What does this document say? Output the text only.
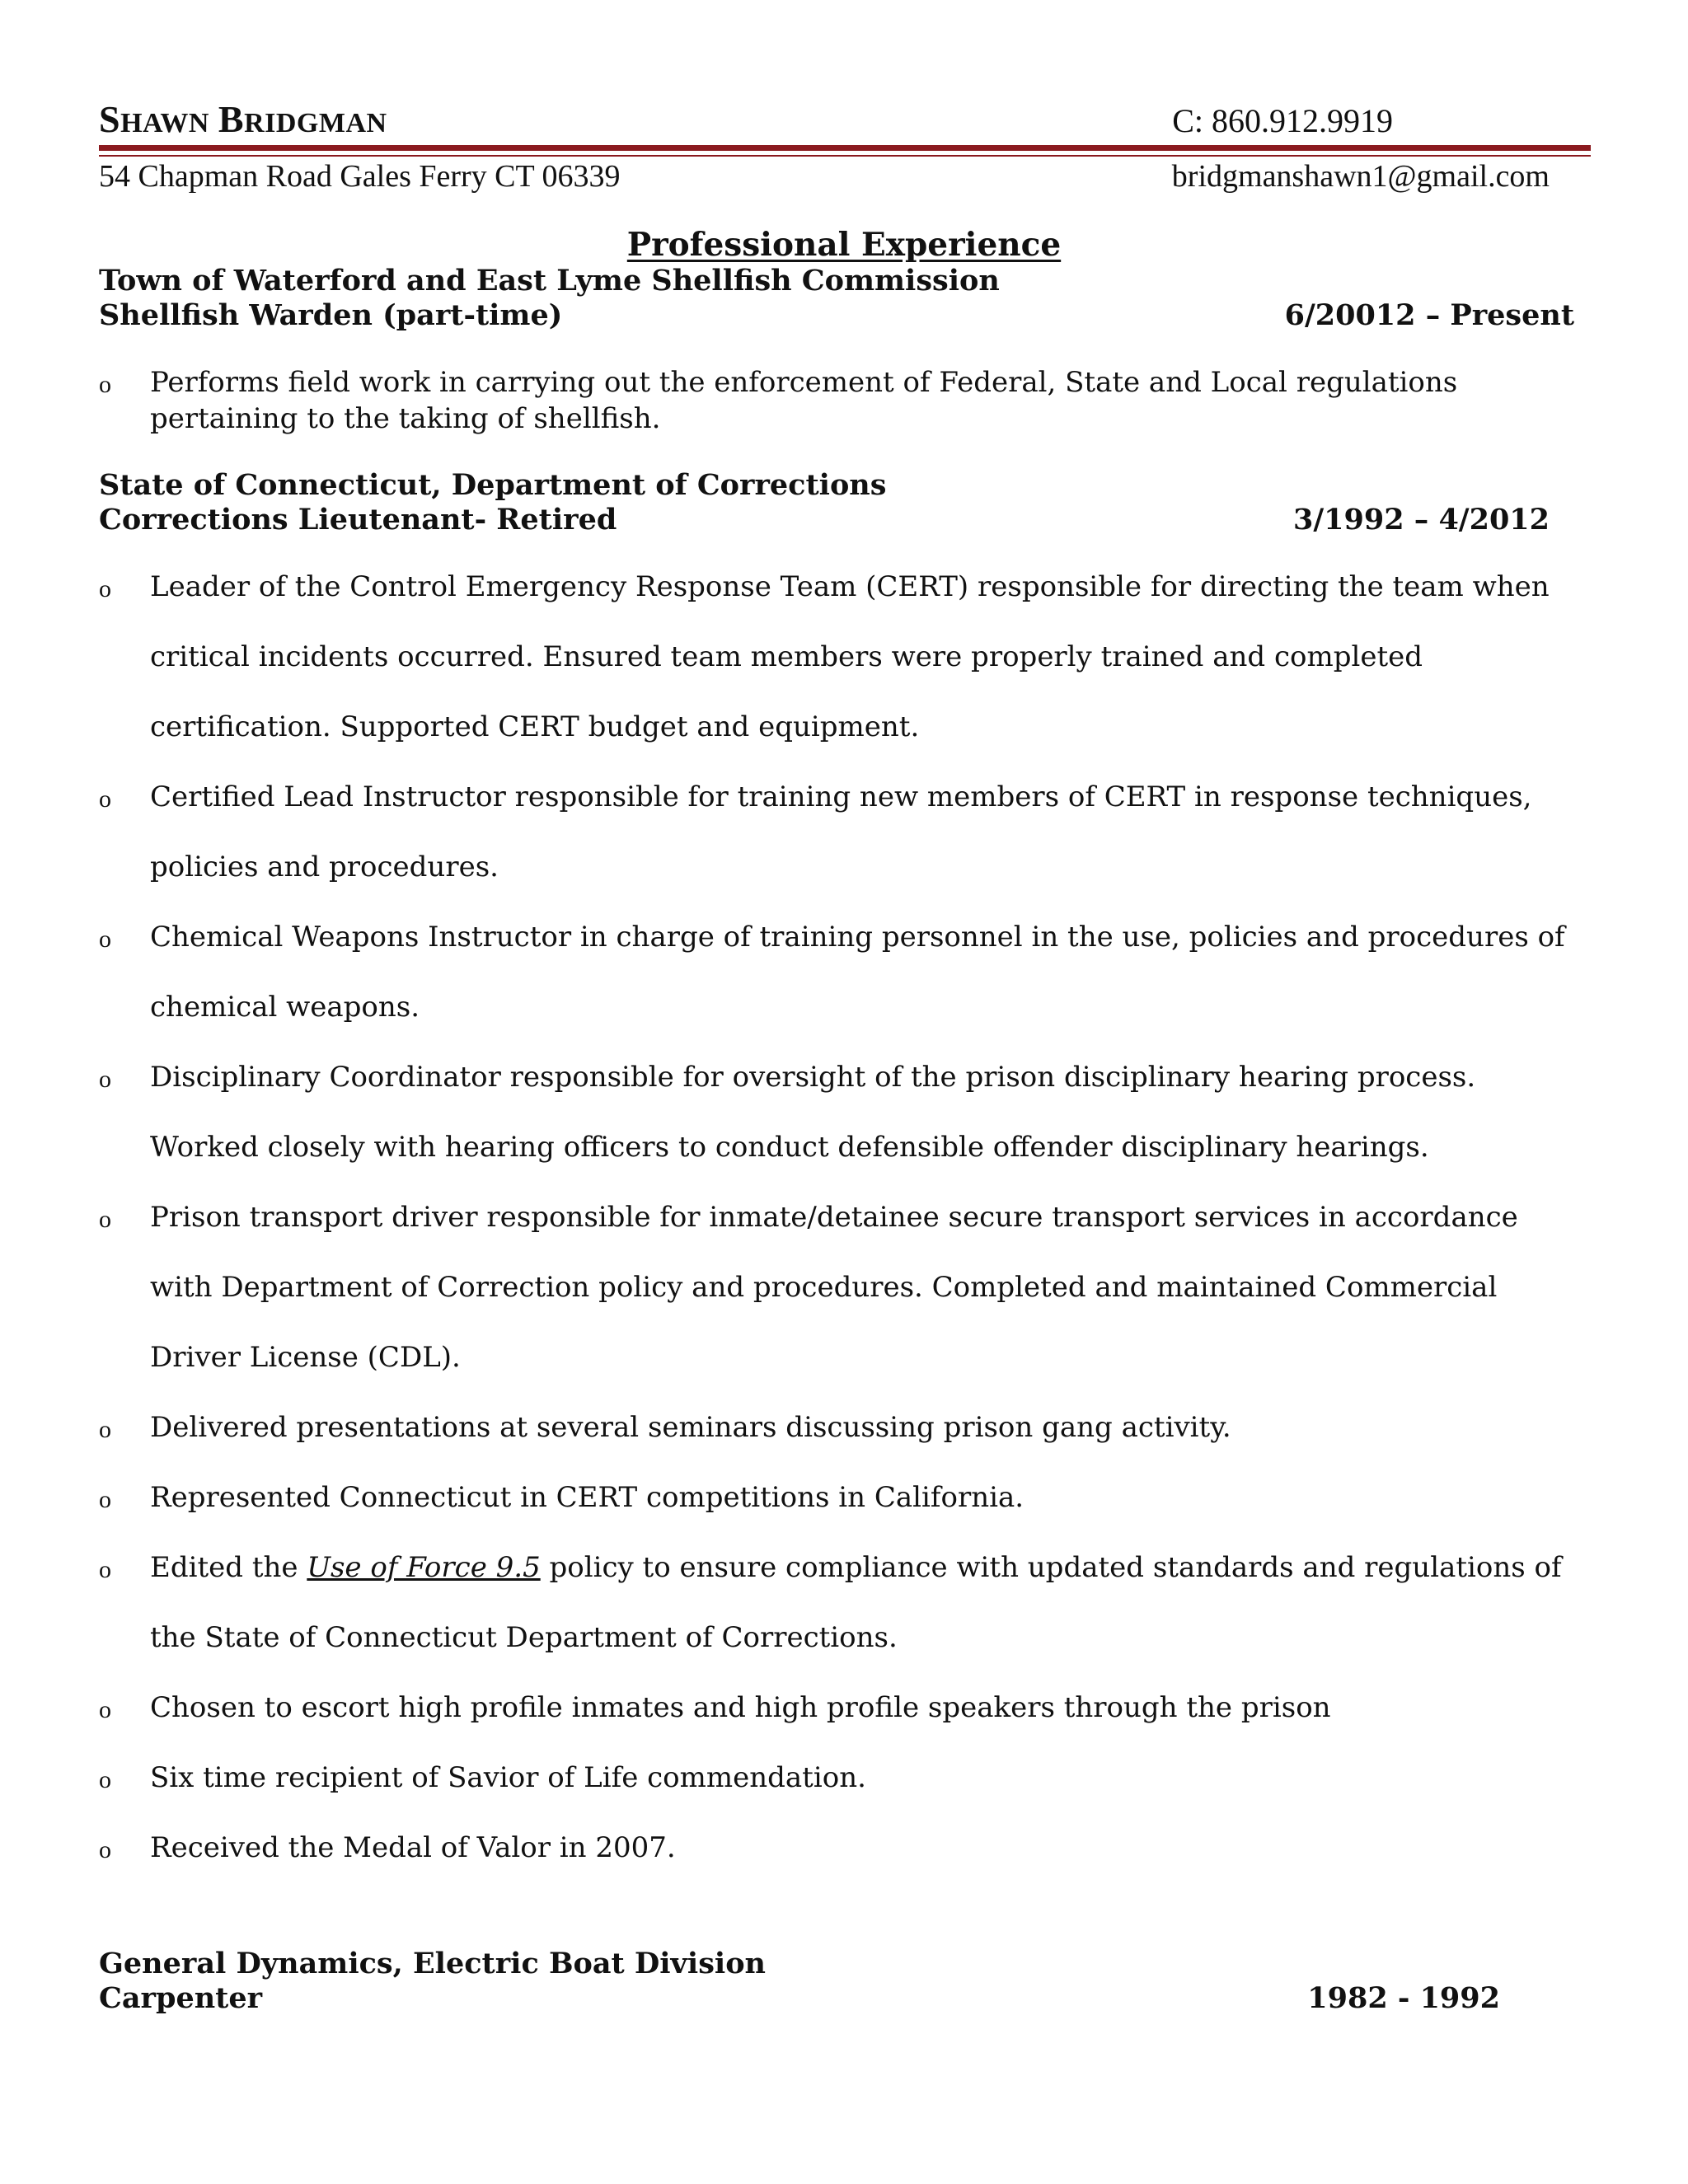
SHAWN BRIDGMAN	C: 860.912.9919
54 Chapman Road Gales Ferry CT 06339	bridgmanshawn1@gmail.com
Professional Experience
Town of Waterford and East Lyme Shellfish Commission
Shellfish Warden (part-time)	6/20012 – Present
o Performs field work in carrying out the enforcement of Federal, State and Local regulations pertaining to the taking of shellfish.
State of Connecticut, Department of Corrections
Corrections Lieutenant- Retired	3/1992 – 4/2012
o Leader of the Control Emergency Response Team (CERT) responsible for directing the team when critical incidents occurred. Ensured team members were properly trained and completed certification. Supported CERT budget and equipment.
o Certified Lead Instructor responsible for training new members of CERT in response techniques, policies and procedures.
o Chemical Weapons Instructor in charge of training personnel in the use, policies and procedures of chemical weapons.
o Disciplinary Coordinator responsible for oversight of the prison disciplinary hearing process. Worked closely with hearing officers to conduct defensible offender disciplinary hearings.
o Prison transport driver responsible for inmate/detainee secure transport services in accordance with Department of Correction policy and procedures. Completed and maintained Commercial Driver License (CDL).
o Delivered presentations at several seminars discussing prison gang activity.
o Represented Connecticut in CERT competitions in California.
o Edited the Use of Force 9.5 policy to ensure compliance with updated standards and regulations of the State of Connecticut Department of Corrections.
o Chosen to escort high profile inmates and high profile speakers through the prison
o Six time recipient of Savior of Life commendation.
o Received the Medal of Valor in 2007.
General Dynamics, Electric Boat Division
Carpenter	1982 - 1992
